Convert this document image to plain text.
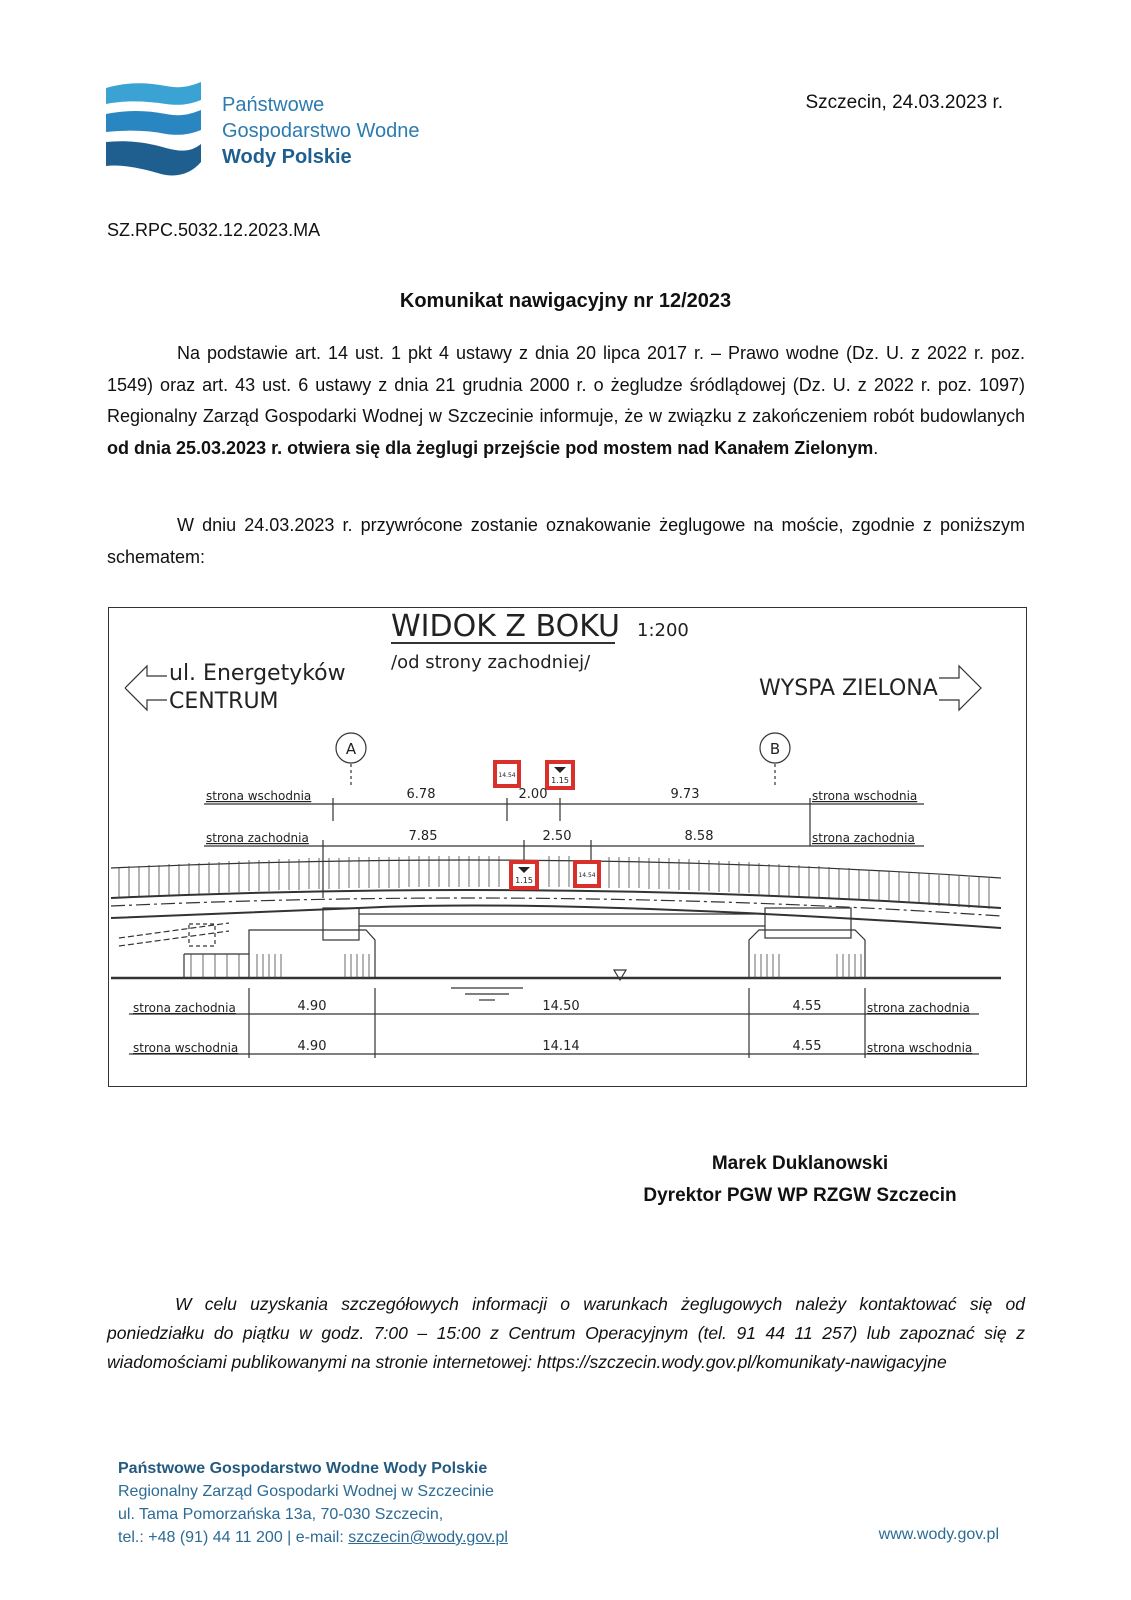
Państwowe
Gospodarstwo Wodne
Wody Polskie
Szczecin, 24.03.2023 r.
SZ.RPC.5032.12.2023.MA
Komunikat nawigacyjny nr 12/2023
Na podstawie art. 14 ust. 1 pkt 4 ustawy z dnia 20 lipca 2017 r. – Prawo wodne (Dz. U. z 2022 r. poz. 1549) oraz art. 43 ust. 6 ustawy z dnia 21 grudnia 2000 r. o żegludze śródlądowej (Dz. U. z 2022 r. poz. 1097) Regionalny Zarząd Gospodarki Wodnej w Szczecinie informuje, że w związku z zakończeniem robót budowlanych od dnia 25.03.2023 r. otwiera się dla żeglugi przejście pod mostem nad Kanałem Zielonym.
W dniu 24.03.2023 r. przywrócone zostanie oznakowanie żeglugowe na moście, zgodnie z poniższym schematem:
14.54
1.15
1.15
14.54
WIDOK Z BOKU 1:200
/od strony zachodniej/
ul. Energetyków
CENTRUM
WYSPA ZIELONA
A	B
strona wschodnia	6.78	2.00	9.73	strona wschodnia
strona zachodnia	7.85	2.50	8.58	strona zachodnia
strona zachodnia	4.90	14.50	4.55	strona zachodnia
strona wschodnia	4.90	14.14	4.55	strona wschodnia
Marek Duklanowski
Dyrektor PGW WP RZGW Szczecin
W celu uzyskania szczegółowych informacji o warunkach żeglugowych należy kontaktować się od poniedziałku do piątku w godz. 7:00 – 15:00 z Centrum Operacyjnym (tel. 91 44 11 257) lub zapoznać się z wiadomościami publikowanymi na stronie internetowej: https://szczecin.wody.gov.pl/komunikaty-nawigacyjne
Państwowe Gospodarstwo Wodne Wody Polskie
Regionalny Zarząd Gospodarki Wodnej w Szczecinie
ul. Tama Pomorzańska 13a, 70-030 Szczecin,
tel.: +48 (91) 44 11 200 | e-mail: szczecin@wody.gov.pl	www.wody.gov.pl
